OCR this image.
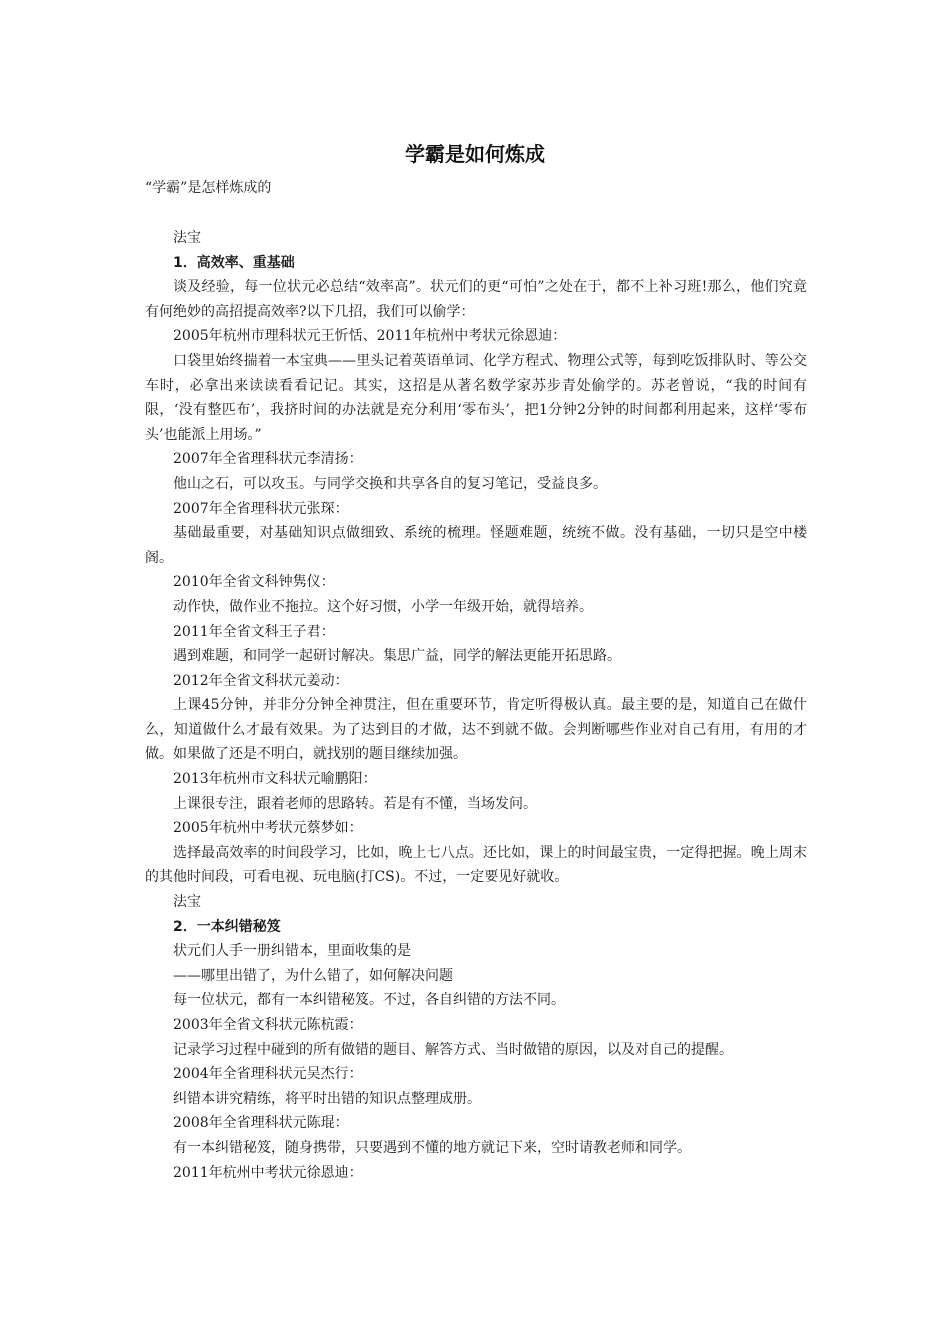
学霸是如何炼成
“学霸”是怎样炼成的

法宝

1．高效率、重基础

谈及经验，每一位状元必总结“效率高”。状元们的更“可怕”之处在于，都不上补习班!那么，他们究竟有何绝妙的高招提高效率?以下几招，我们可以偷学：

2005年杭州市理科状元王忻恬、2011年杭州中考状元徐恩迪：

口袋里始终揣着一本宝典——里头记着英语单词、化学方程式、物理公式等，每到吃饭排队时、等公交车时，必拿出来读读看看记记。其实，这招是从著名数学家苏步青处偷学的。苏老曾说，“我的时间有限，‘没有整匹布’，我挤时间的办法就是充分利用‘零布头’，把1分钟2分钟的时间都利用起来，这样‘零布头’也能派上用场。”

2007年全省理科状元李清扬：

他山之石，可以攻玉。与同学交换和共享各自的复习笔记，受益良多。

2007年全省理科状元张琛：

基础最重要，对基础知识点做细致、系统的梳理。怪题难题，统统不做。没有基础，一切只是空中楼阁。

2010年全省文科钟隽仪：

动作快，做作业不拖拉。这个好习惯，小学一年级开始，就得培养。

2011年全省文科王子君：

遇到难题，和同学一起研讨解决。集思广益，同学的解法更能开拓思路。

2012年全省文科状元姜动：

上课45分钟，并非分分钟全神贯注，但在重要环节，肯定听得极认真。最主要的是，知道自己在做什么，知道做什么才最有效果。为了达到目的才做，达不到就不做。会判断哪些作业对自己有用，有用的才做。如果做了还是不明白，就找别的题目继续加强。

2013年杭州市文科状元喻鹏阳：

上课很专注，跟着老师的思路转。若是有不懂，当场发问。

2005年杭州中考状元蔡梦如：

选择最高效率的时间段学习，比如，晚上七八点。还比如，课上的时间最宝贵，一定得把握。晚上周末的其他时间段，可看电视、玩电脑(打CS)。不过，一定要见好就收。

法宝

2．一本纠错秘笈

状元们人手一册纠错本，里面收集的是

——哪里出错了，为什么错了，如何解决问题

每一位状元，都有一本纠错秘笈。不过，各自纠错的方法不同。

2003年全省文科状元陈杭霞：

记录学习过程中碰到的所有做错的题目、解答方式、当时做错的原因，以及对自己的提醒。

2004年全省理科状元吴杰行：

纠错本讲究精练，将平时出错的知识点整理成册。

2008年全省理科状元陈琨：

有一本纠错秘笈，随身携带，只要遇到不懂的地方就记下来，空时请教老师和同学。

2011年杭州中考状元徐恩迪：
